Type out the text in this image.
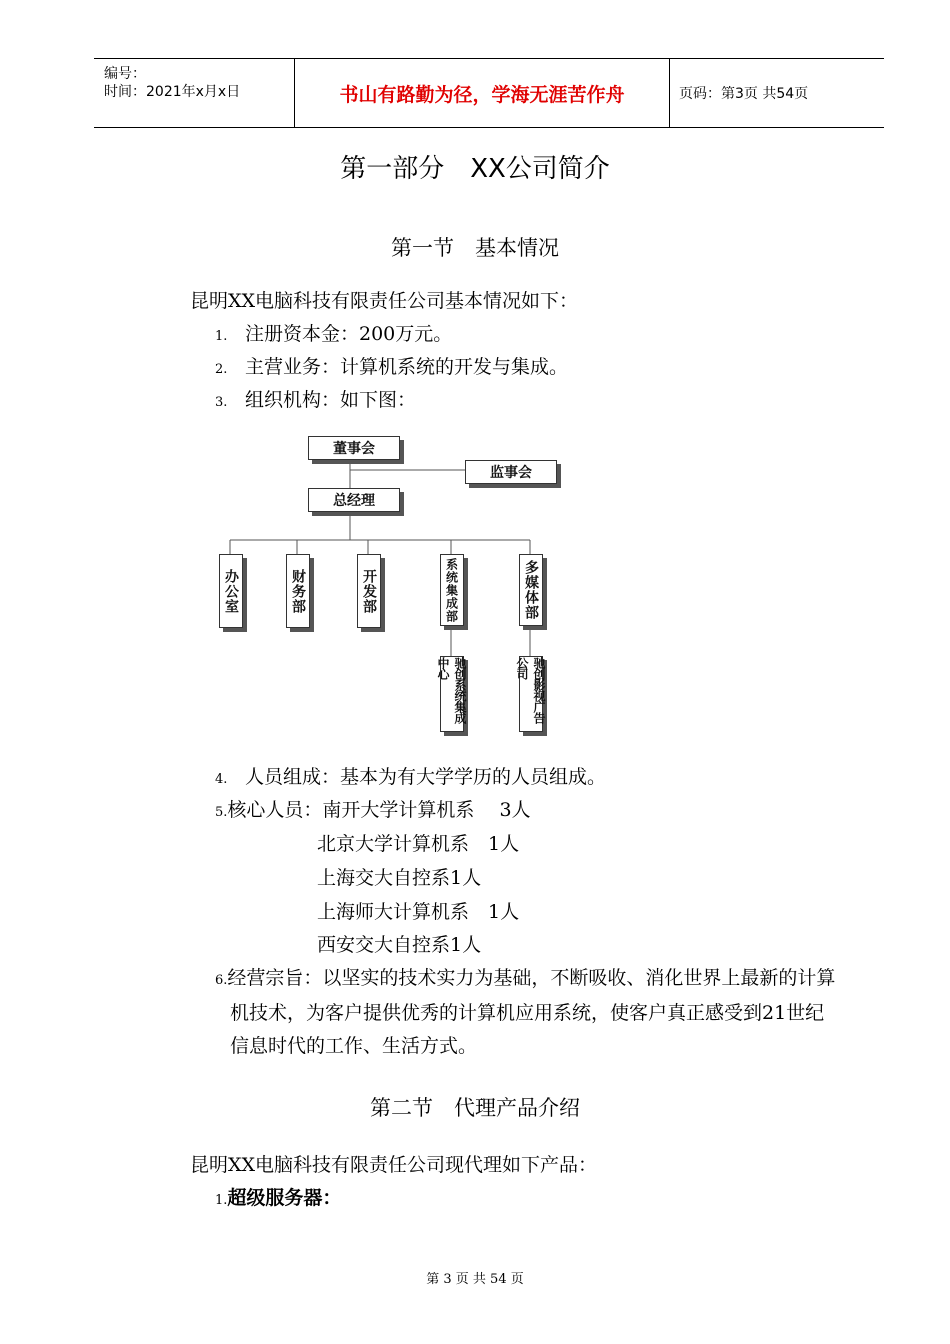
编号：
时间：2021年x月x日	书山有路勤为径，学海无涯苦作舟	页码：第3页 共54页
第一部分　XX公司简介
第一节　基本情况
昆明XX电脑科技有限责任公司基本情况如下：
1. 注册资本金：200万元。
2. 主营业务：计算机系统的开发与集成。
3. 组织机构：如下图：
董事会
监事会
总经理
办公室	财务部	开发部	系统集成部	多媒体部
驰创系统集成中心	驰创影视广告公司
4. 人员组成：基本为有大学学历的人员组成。
5.核心人员：南开大学计算机系　 3人
北京大学计算机系　1人
上海交大自控系1人
上海师大计算机系　1人
西安交大自控系1人
6.经营宗旨：以坚实的技术实力为基础，不断吸收、消化世界上最新的计算机技术，为客户提供优秀的计算机应用系统，使客户真正感受到21世纪信息时代的工作、生活方式。
第二节　代理产品介绍
昆明XX电脑科技有限责任公司现代理如下产品：
1.超级服务器：
第 3 页 共 54 页
